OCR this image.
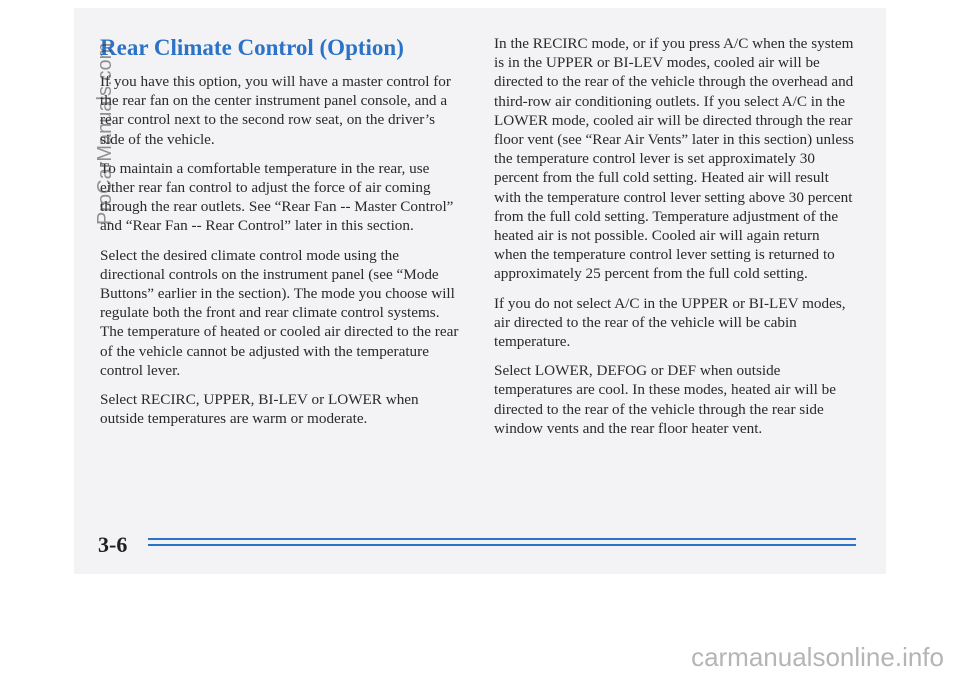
Rear Climate Control (Option)

If you have this option, you will have a master control for the rear fan on the center instrument panel console, and a rear control next to the second row seat, on the driver’s side of the vehicle.

To maintain a comfortable temperature in the rear, use either rear fan control to adjust the force of air coming through the rear outlets. See “Rear Fan -- Master Control” and “Rear Fan -- Rear Control” later in this section.

Select the desired climate control mode using the directional controls on the instrument panel (see “Mode Buttons” earlier in the section). The mode you choose will regulate both the front and rear climate control systems. The temperature of heated or cooled air directed to the rear of the vehicle cannot be adjusted with the temperature control lever.

Select RECIRC, UPPER, BI-LEV or LOWER when outside temperatures are warm or moderate.

In the RECIRC mode, or if you press A/C when the system is in the UPPER or BI-LEV modes, cooled air will be directed to the rear of the vehicle through the overhead and third-row air conditioning outlets. If you select A/C in the LOWER mode, cooled air will be directed through the rear floor vent (see “Rear Air Vents” later in this section) unless the temperature control lever is set approximately 30 percent from the full cold setting. Heated air will result with the temperature control lever setting above 30 percent from the full cold setting. Temperature adjustment of the heated air is not possible. Cooled air will again return when the temperature control lever setting is returned to approximately 25 percent from the full cold setting.

If you do not select A/C in the UPPER or BI-LEV modes, air directed to the rear of the vehicle will be cabin temperature.

Select LOWER, DEFOG or DEF when outside temperatures are cool. In these modes, heated air will be directed to the rear of the vehicle through the rear side window vents and the rear floor heater vent.

3-6
ProCarManuals.com
carmanualsonline.info
